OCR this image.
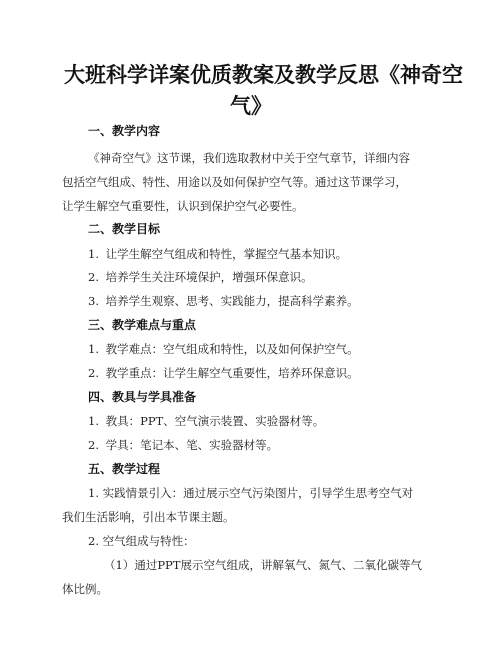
大班科学详案优质教案及教学反思《神奇空
气》
一、教学内容
《神奇空气》这节课，我们选取教材中关于空气章节，详细内容
包括空气组成、特性、用途以及如何保护空气等。通过这节课学习，
让学生解空气重要性，认识到保护空气必要性。
二、教学目标
1. 让学生解空气组成和特性，掌握空气基本知识。
2. 培养学生关注环境保护，增强环保意识。
3. 培养学生观察、思考、实践能力，提高科学素养。
三、教学难点与重点
1. 教学难点：空气组成和特性，以及如何保护空气。
2. 教学重点：让学生解空气重要性，培养环保意识。
四、教具与学具准备
1. 教具：PPT、空气演示装置、实验器材等。
2. 学具：笔记本、笔、实验器材等。
五、教学过程
1. 实践情景引入：通过展示空气污染图片，引导学生思考空气对
我们生活影响，引出本节课主题。
2. 空气组成与特性：
（1）通过PPT展示空气组成，讲解氧气、氮气、二氧化碳等气
体比例。
